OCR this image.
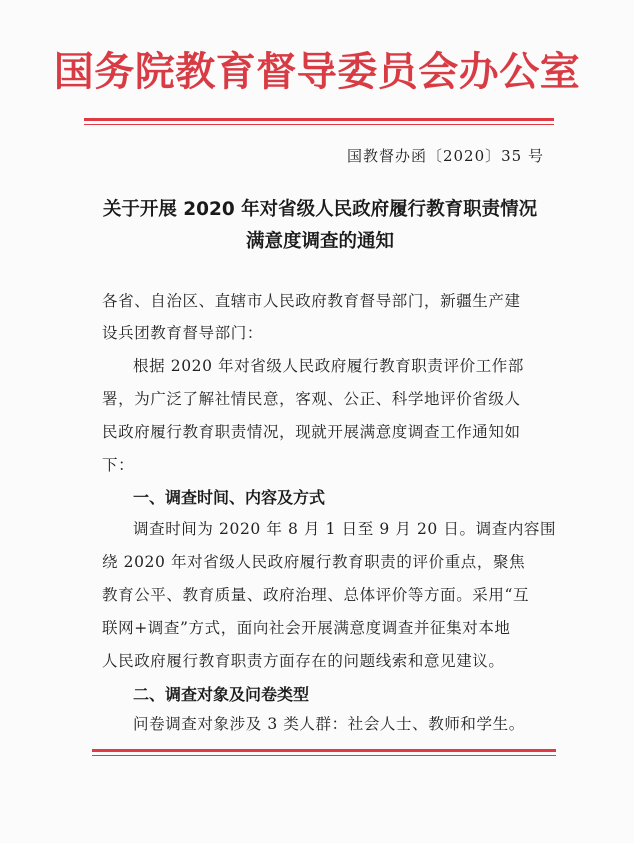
国务院教育督导委员会办公室
国教督办函〔2020〕35 号
关于开展 2020 年对省级人民政府履行教育职责情况
满意度调查的通知
各省、自治区、直辖市人民政府教育督导部门，新疆生产建
设兵团教育督导部门：
根据 2020 年对省级人民政府履行教育职责评价工作部
署，为广泛了解社情民意，客观、公正、科学地评价省级人
民政府履行教育职责情况，现就开展满意度调查工作通知如
下：
一、调查时间、内容及方式
调查时间为 2020 年 8 月 1 日至 9 月 20 日。调查内容围
绕 2020 年对省级人民政府履行教育职责的评价重点，聚焦
教育公平、教育质量、政府治理、总体评价等方面。采用“互
联网+调查”方式，面向社会开展满意度调查并征集对本地
人民政府履行教育职责方面存在的问题线索和意见建议。
二、调查对象及问卷类型
问卷调查对象涉及 3 类人群：社会人士、教师和学生。
